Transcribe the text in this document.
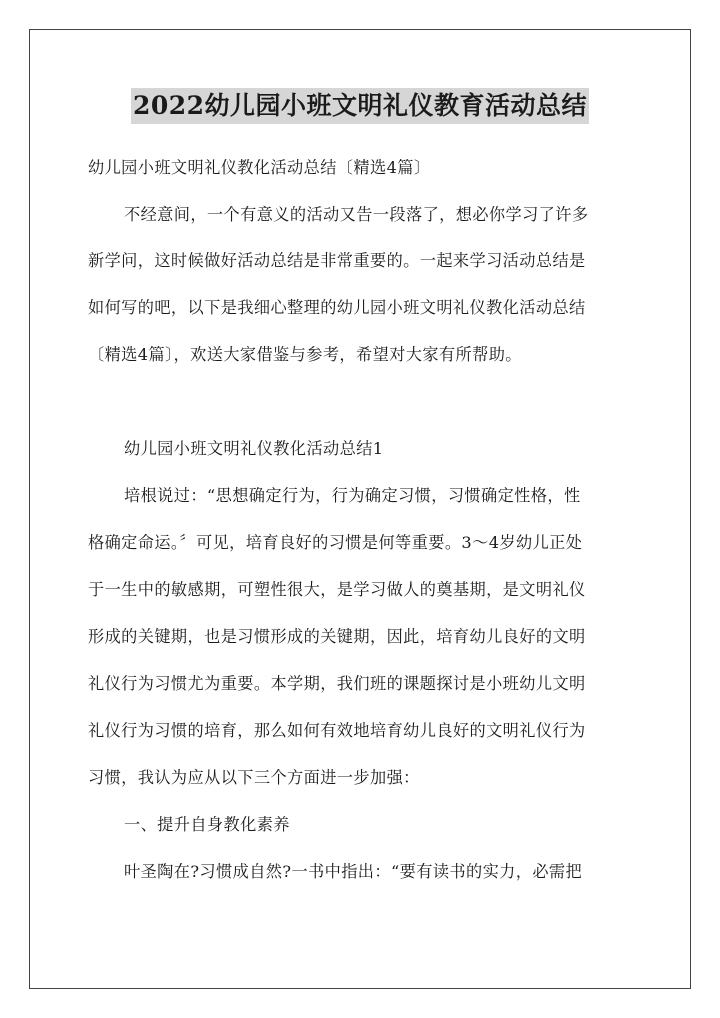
2022幼儿园小班文明礼仪教育活动总结
幼儿园小班文明礼仪教化活动总结〔精选4篇〕
不经意间，一个有意义的活动又告一段落了，想必你学习了许多
新学问，这时候做好活动总结是非常重要的。一起来学习活动总结是
如何写的吧，以下是我细心整理的幼儿园小班文明礼仪教化活动总结
〔精选4篇〕，欢送大家借鉴与参考，希望对大家有所帮助。
幼儿园小班文明礼仪教化活动总结1
培根说过：“思想确定行为，行为确定习惯，习惯确定性格，性
格确定命运。〞可见，培育良好的习惯是何等重要。3～4岁幼儿正处
于一生中的敏感期，可塑性很大，是学习做人的奠基期，是文明礼仪
形成的关键期，也是习惯形成的关键期，因此，培育幼儿良好的文明
礼仪行为习惯尤为重要。本学期，我们班的课题探讨是小班幼儿文明
礼仪行为习惯的培育，那么如何有效地培育幼儿良好的文明礼仪行为
习惯，我认为应从以下三个方面进一步加强：
一、提升自身教化素养
叶圣陶在?习惯成自然?一书中指出：“要有读书的实力，必需把
